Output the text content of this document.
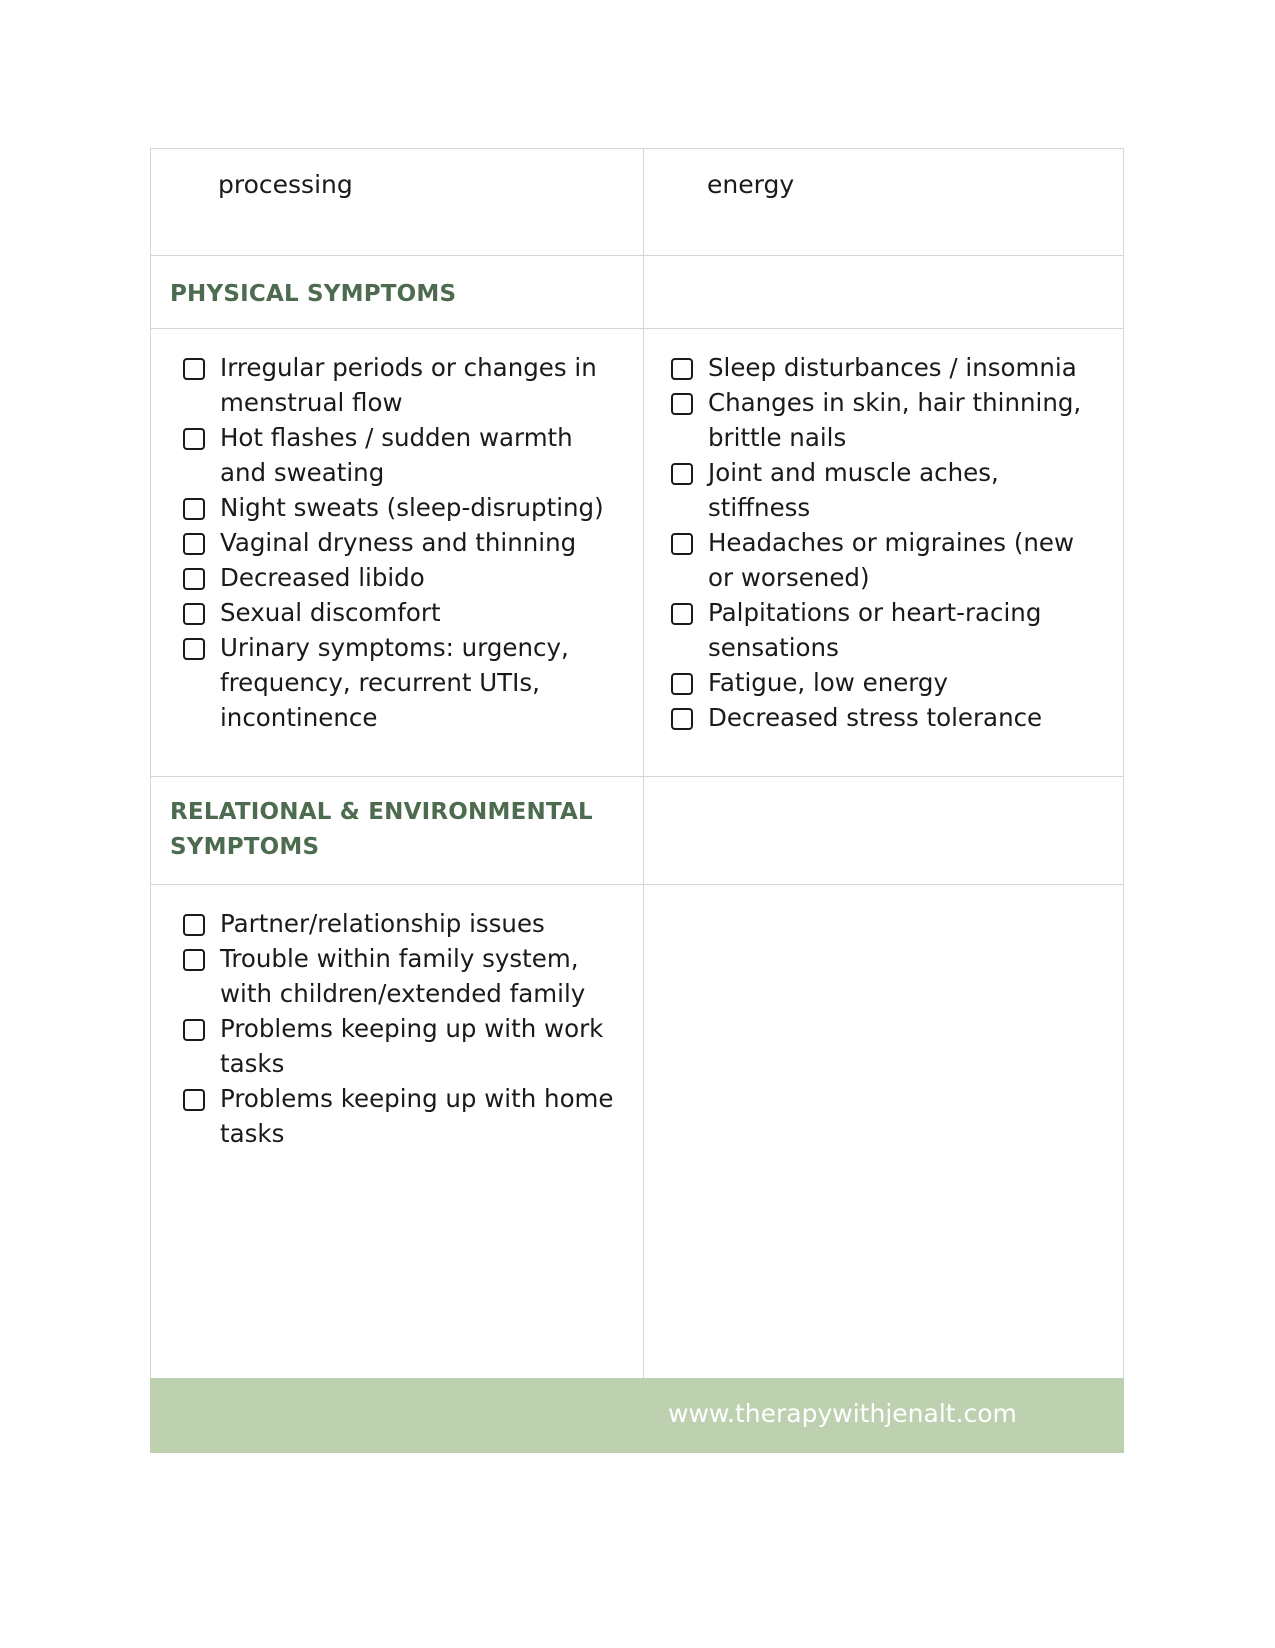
processing	energy
PHYSICAL SYMPTOMS
Irregular periods or changes in menstrual flow
Hot flashes / sudden warmth and sweating
Night sweats (sleep-disrupting)
Vaginal dryness and thinning
Decreased libido
Sexual discomfort
Urinary symptoms: urgency, frequency, recurrent UTIs, incontinence
Sleep disturbances / insomnia
Changes in skin, hair thinning, brittle nails
Joint and muscle aches, stiffness
Headaches or migraines (new or worsened)
Palpitations or heart-racing sensations
Fatigue, low energy
Decreased stress tolerance
RELATIONAL & ENVIRONMENTAL SYMPTOMS
Partner/relationship issues
Trouble within family system, with children/extended family
Problems keeping up with work tasks
Problems keeping up with home tasks
www.therapywithjenalt.com
